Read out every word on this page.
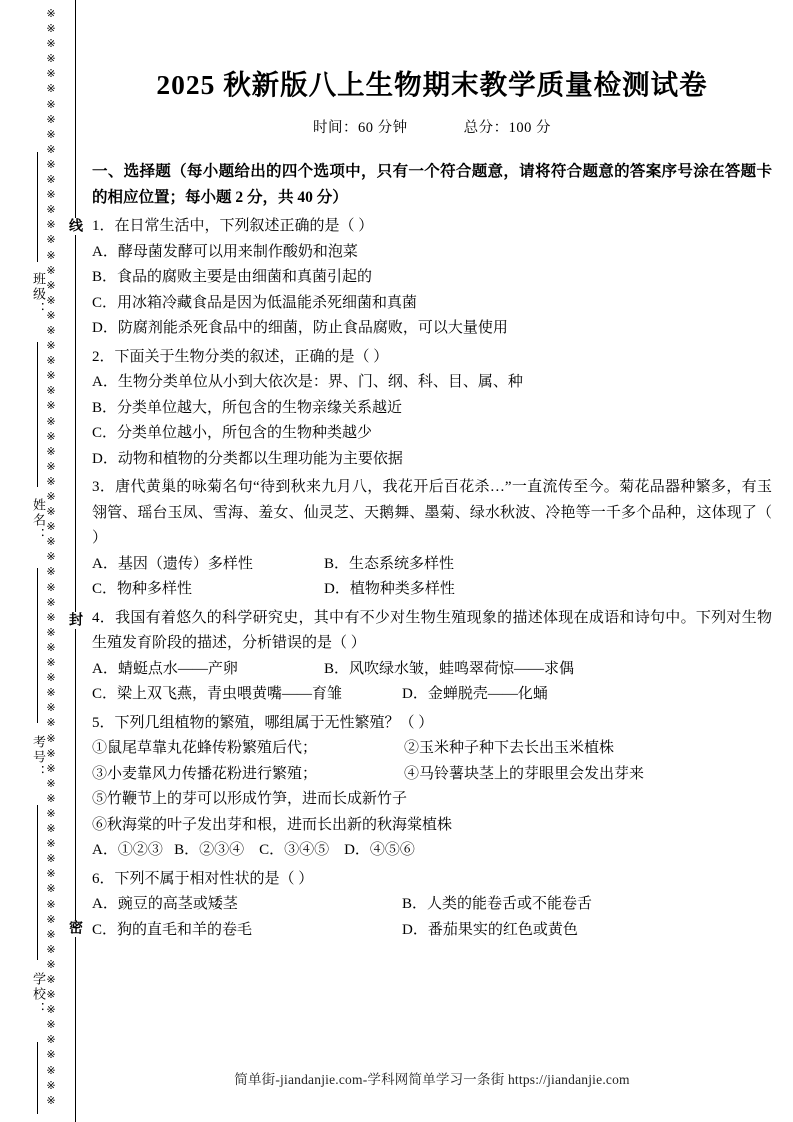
※※※※※※※※※※※※※※※※※※※※※※※※※※※※※※※※※※※※※※※※※※※※※※※※※※※※※※※※※※※※※※※※※※※※※※※※※
班级：
姓名：
考号：
学校：
线
封
密
2025 秋新版八上生物期末教学质量检测试卷
时间：60 分钟	总分：100 分
一、选择题（每小题给出的四个选项中，只有一个符合题意，请将符合题意的答案序号涂在答题卡的相应位置；每小题 2 分，共 40 分）
1．在日常生活中，下列叙述正确的是（ ）
A．酵母菌发酵可以用来制作酸奶和泡菜
B．食品的腐败主要是由细菌和真菌引起的
C．用冰箱冷藏食品是因为低温能杀死细菌和真菌
D．防腐剂能杀死食品中的细菌，防止食品腐败，可以大量使用
2．下面关于生物分类的叙述，正确的是（ ）
A．生物分类单位从小到大依次是：界、门、纲、科、目、属、种
B．分类单位越大，所包含的生物亲缘关系越近
C．分类单位越小，所包含的生物种类越少
D．动物和植物的分类都以生理功能为主要依据
3．唐代黄巢的咏菊名句“待到秋来九月八，我花开后百花杀…”一直流传至今。菊花品器种繁多，有玉翎管、瑶台玉凤、雪海、羞女、仙灵芝、天鹅舞、墨菊、绿水秋波、冷艳等一千多个品种，这体现了（ ）
A．基因（遗传）多样性	B．生态系统多样性
C．物种多样性	D．植物种类多样性
4．我国有着悠久的科学研究史，其中有不少对生物生殖现象的描述体现在成语和诗句中。下列对生物生殖发育阶段的描述，分析错误的是（ ）
A．蜻蜓点水——产卵	B．风吹绿水皱，蛙鸣翠荷惊——求偶
C．梁上双飞燕，青虫喂黄嘴——育雏	D．金蝉脱壳——化蛹
5．下列几组植物的繁殖，哪组属于无性繁殖？（ ）
①鼠尾草靠丸花蜂传粉繁殖后代；	②玉米种子种下去长出玉米植株
③小麦靠风力传播花粉进行繁殖；	④马铃薯块茎上的芽眼里会发出芽来
⑤竹鞭节上的芽可以形成竹笋，进而长成新竹子
⑥秋海棠的叶子发出芽和根，进而长出新的秋海棠植株
A．①②③   B．②③④    C．③④⑤    D．④⑤⑥
6．下列不属于相对性状的是（ ）
A．豌豆的高茎或矮茎	B．人类的能卷舌或不能卷舌
C．狗的直毛和羊的卷毛	D．番茄果实的红色或黄色
简单街-jiandanjie.com-学科网简单学习一条街 https://jiandanjie.com
